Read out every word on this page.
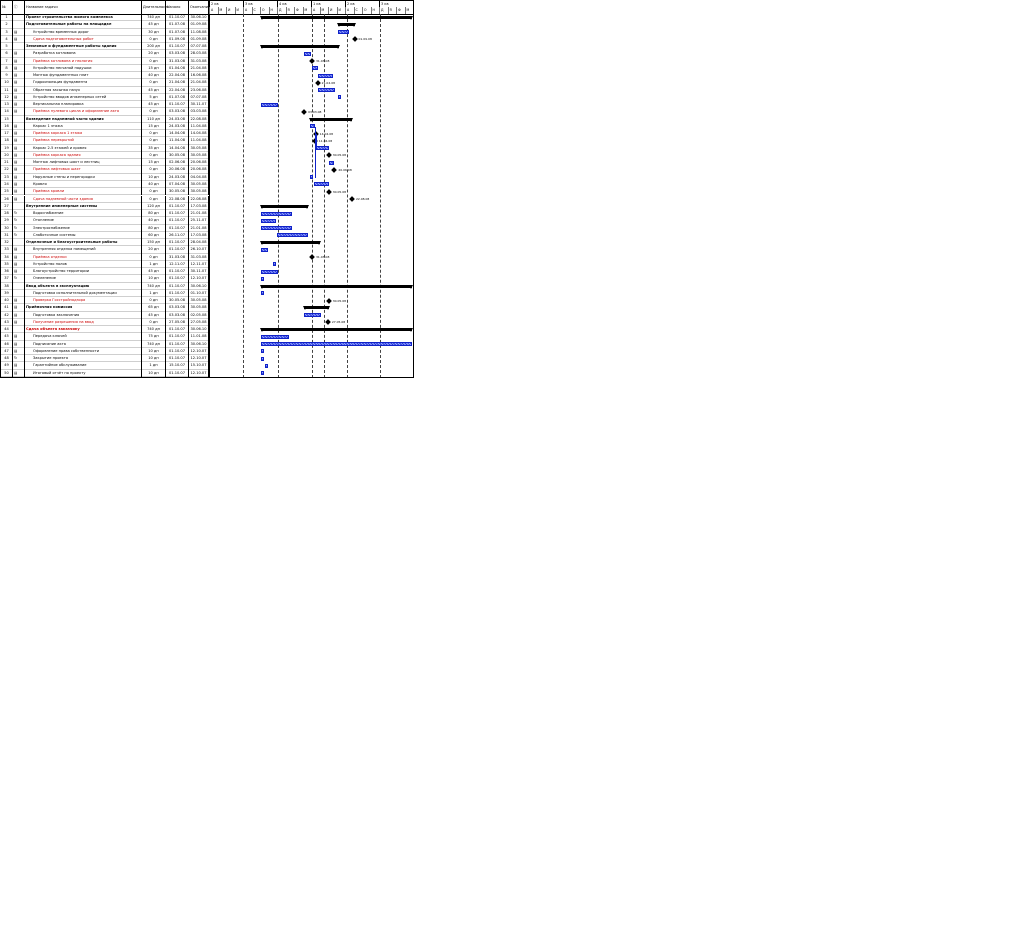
№	ⓘ	Название задачи	Длительность
Начало	Окончание
2 кв	3 кв	4 кв	1 кв	2 кв	3 кв
А	М	И	И	А	С	О	Н	Д	Я	Ф	М	А	М	И	И	А	С	О	Н	Д	Я	Ф	М
1	Проект строительства жилого комплекса	740 дн	01.10.07	30.06.10
2	Подготовительные работы на площадке	45 дн	01.07.08	01.09.08
3	▤	Устройство временных дорог	30 дн	01.07.08	11.08.08
4	▤	Сдача подготовительных работ	0 дн	01.09.08	01.09.08
5	Земляные и фундаментные работы здания	200 дн	01.10.07	07.07.08
6	▤	Разработка котлована	20 дн	03.03.08	28.03.08
7	▤	Приёмка котлована и геология	0 дн	31.03.08	31.03.08
8	▤	Устройство песчаной подушки	15 дн	01.04.08	21.04.08
9	▤	Монтаж фундаментных плит	40 дн	22.04.08	16.06.08
10	▤	Гидроизоляция фундамента	0 дн	21.04.08	21.04.08
11	▤	Обратная засыпка пазух	45 дн	22.04.08	23.06.08
12	▤	Устройство вводов инженерных сетей	5 дн	01.07.08	07.07.08
13	▤	Вертикальная планировка	45 дн	01.10.07	30.11.07
14	▤	Приёмка нулевого цикла и оформление акта	0 дн	03.03.08	03.03.08
15	Возведение надземной части здания	110 дн	24.03.08	22.08.08
16	▤	Каркас 1 этажа	15 дн	24.03.08	11.04.08
17	▤	Приёмка каркаса 1 этажа	0 дн	14.04.08	14.04.08
18	▤	Приёмка перекрытий	0 дн	11.04.08	11.04.08
19	▤	Каркас 2-5 этажей и кровля	35 дн	14.04.08	30.05.08
20	▤	Приёмка каркаса здания	0 дн	30.05.08	30.05.08
21	▤	Монтаж лифтовых шахт и лестниц	15 дн	02.06.08	20.06.08
22	▤	Приёмка лифтовых шахт	0 дн	20.06.08	20.06.08
23	▤	Наружные стены и перегородки	10 дн	24.03.08	04.04.08
24	▤	Кровля	40 дн	07.04.08	30.05.08
25	▤	Приёмка кровли	0 дн	30.05.08	30.05.08
26	▤	Сдача надземной части здания	0 дн	22.08.08	22.08.08
27	Внутренние инженерные системы	120 дн	01.10.07	17.03.08
28	↻	Водоснабжение	80 дн	01.10.07	21.01.08
29	↻	Отопление	40 дн	01.10.07	25.11.07
30	↻	Электроснабжение	80 дн	01.10.07	21.01.08
31	↻	Слаботочные системы	60 дн	26.11.07	17.03.08
32	Отделочные и благоустроительные работы	150 дн	01.10.07	28.04.08
33	▤	Внутренняя отделка помещений	20 дн	01.10.07	26.10.07
34	▤	Приёмка отделки	0 дн	31.03.08	31.03.08
35	▤	Устройство полов	1 дн	12.11.07	12.11.07
36	▤	Благоустройство территории	45 дн	01.10.07	30.11.07
37	↻	Озеленение	10 дн	01.10.07	12.10.07
38	Ввод объекта в эксплуатацию	740 дн	01.10.07	30.06.10
39	Подготовка исполнительной документации	1 дн	01.10.07	01.10.07
40	▤	Проверка Госстройнадзора	0 дн	30.05.08	30.05.08
41	▤	Приёмочная комиссия	65 дн	03.03.08	30.05.08
42	▤	Подготовка заключения	45 дн	03.03.08	02.05.08
43	▤	Получение разрешения на ввод	0 дн	27.05.08	27.05.08
44	Сдача объекта заказчику	740 дн	01.10.07	30.06.10
45	▤	Передача ключей	75 дн	01.10.07	11.01.08
46	▤	Подписание акта	740 дн	01.10.07	30.06.10
47	▤	Оформление права собственности	10 дн	01.10.07	12.10.07
48	↻	Закрытие проекта	10 дн	01.10.07	12.10.07
49	▤	Гарантийное обслуживание	1 дн	15.10.07	15.10.07
50	▤	Итоговый отчёт по проекту	10 дн	01.10.07	12.10.07
01.09.08
31.03.08
21.04.08
03.03.08
14.04.08
11.04.08
30.05.08
20.06.08
30.05.08
22.08.08
31.03.08
30.05.08
27.05.08
